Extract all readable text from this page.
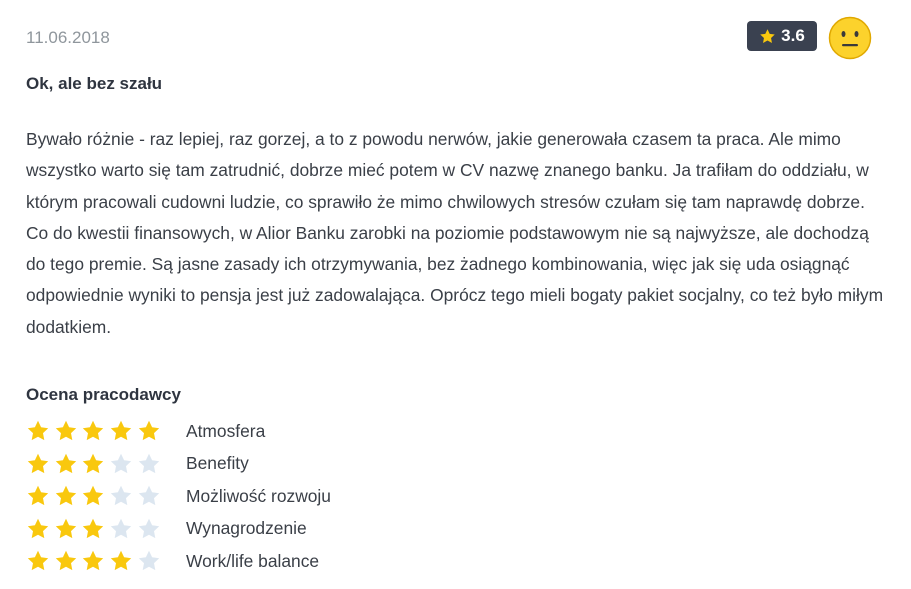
11.06.2018	3.6
Ok, ale bez szału

Bywało różnie - raz lepiej, raz gorzej, a to z powodu nerwów, jakie generowała czasem ta praca. Ale mimo wszystko warto się tam zatrudnić, dobrze mieć potem w CV nazwę znanego banku. Ja trafiłam do oddziału, w którym pracowali cudowni ludzie, co sprawiło że mimo chwilowych stresów czułam się tam naprawdę dobrze. Co do kwestii finansowych, w Alior Banku zarobki na poziomie podstawowym nie są najwyższe, ale dochodzą do tego premie. Są jasne zasady ich otrzymywania, bez żadnego kombinowania, więc jak się uda osiągnąć odpowiednie wyniki to pensja jest już zadowalająca. Oprócz tego mieli bogaty pakiet socjalny, co też było miłym dodatkiem.

Ocena pracodawcy
Atmosfera
Benefity
Możliwość rozwoju
Wynagrodzenie
Work/life balance
